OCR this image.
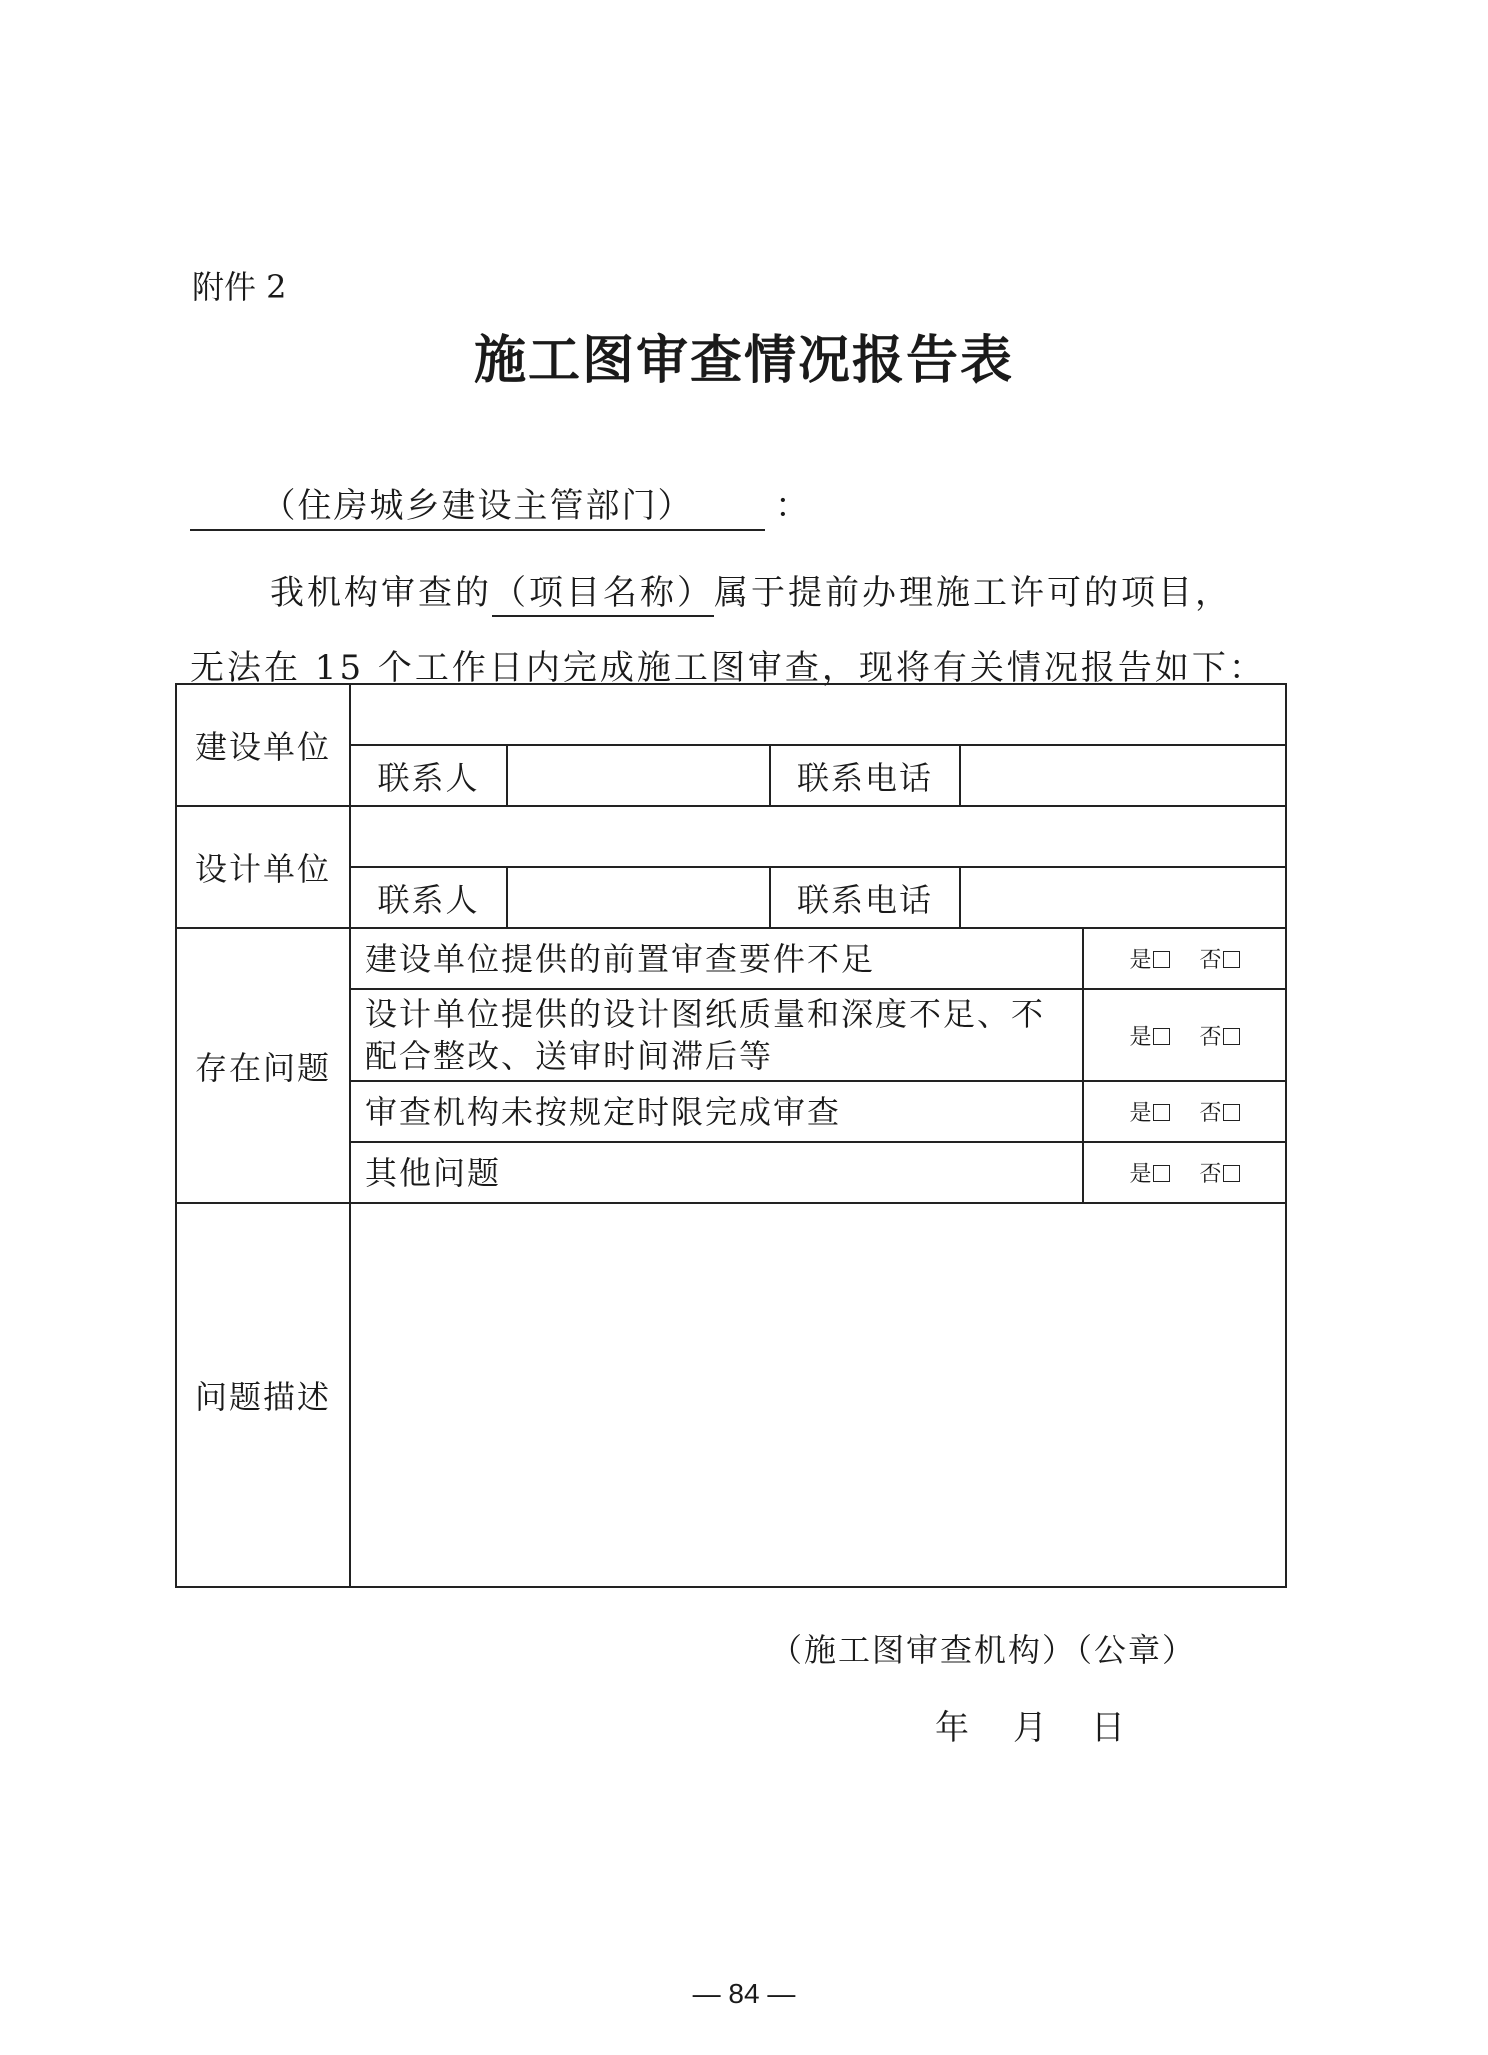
附件 2
施工图审查情况报告表
（住房城乡建设主管部门） ：
我机构审查的（项目名称）属于提前办理施工许可的项目，
无法在 15 个工作日内完成施工图审查，现将有关情况报告如下：
建设单位					
	联系人		联系电话		
设计单位					
	联系人		联系电话		
存在问题	建设单位提供的前置审查要件不足				是 否
	设计单位提供的设计图纸质量和深度不足、不配合整改、送审时间滞后等				是 否
	审查机构未按规定时限完成审查				是 否
	其他问题				是 否
问题描述					
（施工图审查机构）（公章）
年 月 日
— 84 —
